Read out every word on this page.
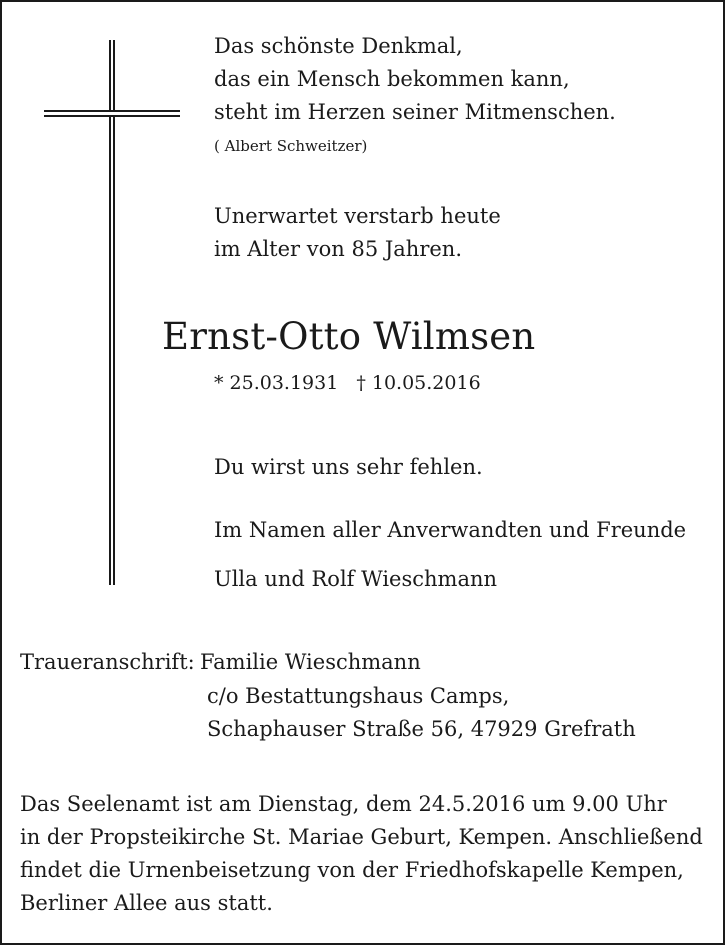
Das schönste Denkmal,
das ein Mensch bekommen kann,
steht im Herzen seiner Mitmenschen.
( Albert Schweitzer)
Unerwartet verstarb heute
im Alter von 85 Jahren.
Ernst-Otto Wilmsen
* 25.03.1931 † 10.05.2016
Du wirst uns sehr fehlen.
Im Namen aller Anverwandten und Freunde
Ulla und Rolf Wieschmann
Traueranschrift: Familie Wieschmann
c/o Bestattungshaus Camps,
Schaphauser Straße 56, 47929 Grefrath
Das Seelenamt ist am Dienstag, dem 24.5.2016 um 9.00 Uhr
in der Propsteikirche St. Mariae Geburt, Kempen. Anschließend
findet die Urnenbeisetzung von der Friedhofskapelle Kempen,
Berliner Allee aus statt.
